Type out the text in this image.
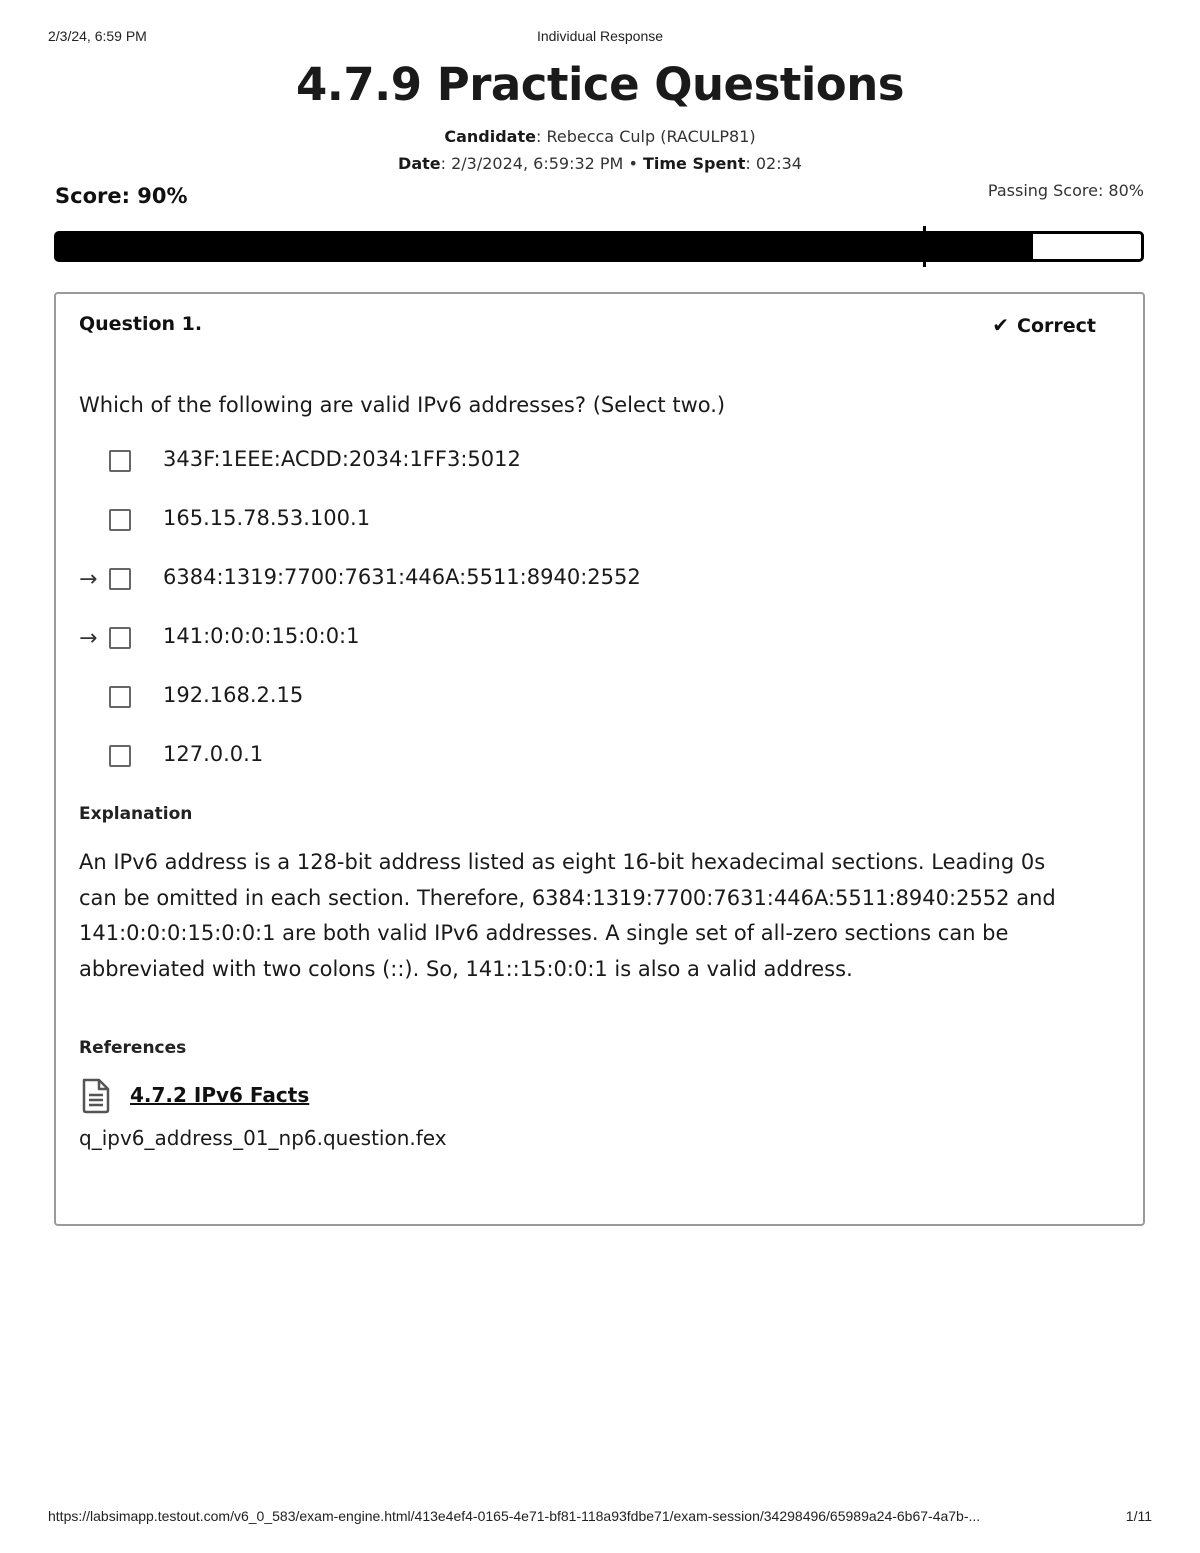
2/3/24, 6:59 PM	Individual Response
4.7.9 Practice Questions
Candidate: Rebecca Culp (RACULP81)
Date: 2/3/2024, 6:59:32 PM • Time Spent: 02:34
Score: 90%	Passing Score: 80%
Question 1.	✔ Correct
Which of the following are valid IPv6 addresses? (Select two.)
343F:1EEE:ACDD:2034:1FF3:5012
165.15.78.53.100.1
→	6384:1319:7700:7631:446A:5511:8940:2552
→	141:0:0:0:15:0:0:1
192.168.2.15
127.0.0.1
Explanation
An IPv6 address is a 128-bit address listed as eight 16-bit hexadecimal sections. Leading 0s can be omitted in each section. Therefore, 6384:1319:7700:7631:446A:5511:8940:2552 and 141:0:0:0:15:0:0:1 are both valid IPv6 addresses. A single set of all-zero sections can be abbreviated with two colons (::). So, 141::15:0:0:1 is also a valid address.
References
4.7.2 IPv6 Facts
q_ipv6_address_01_np6.question.fex
https://labsimapp.testout.com/v6_0_583/exam-engine.html/413e4ef4-0165-4e71-bf81-118a93fdbe71/exam-session/34298496/65989a24-6b67-4a7b-...	1/11
